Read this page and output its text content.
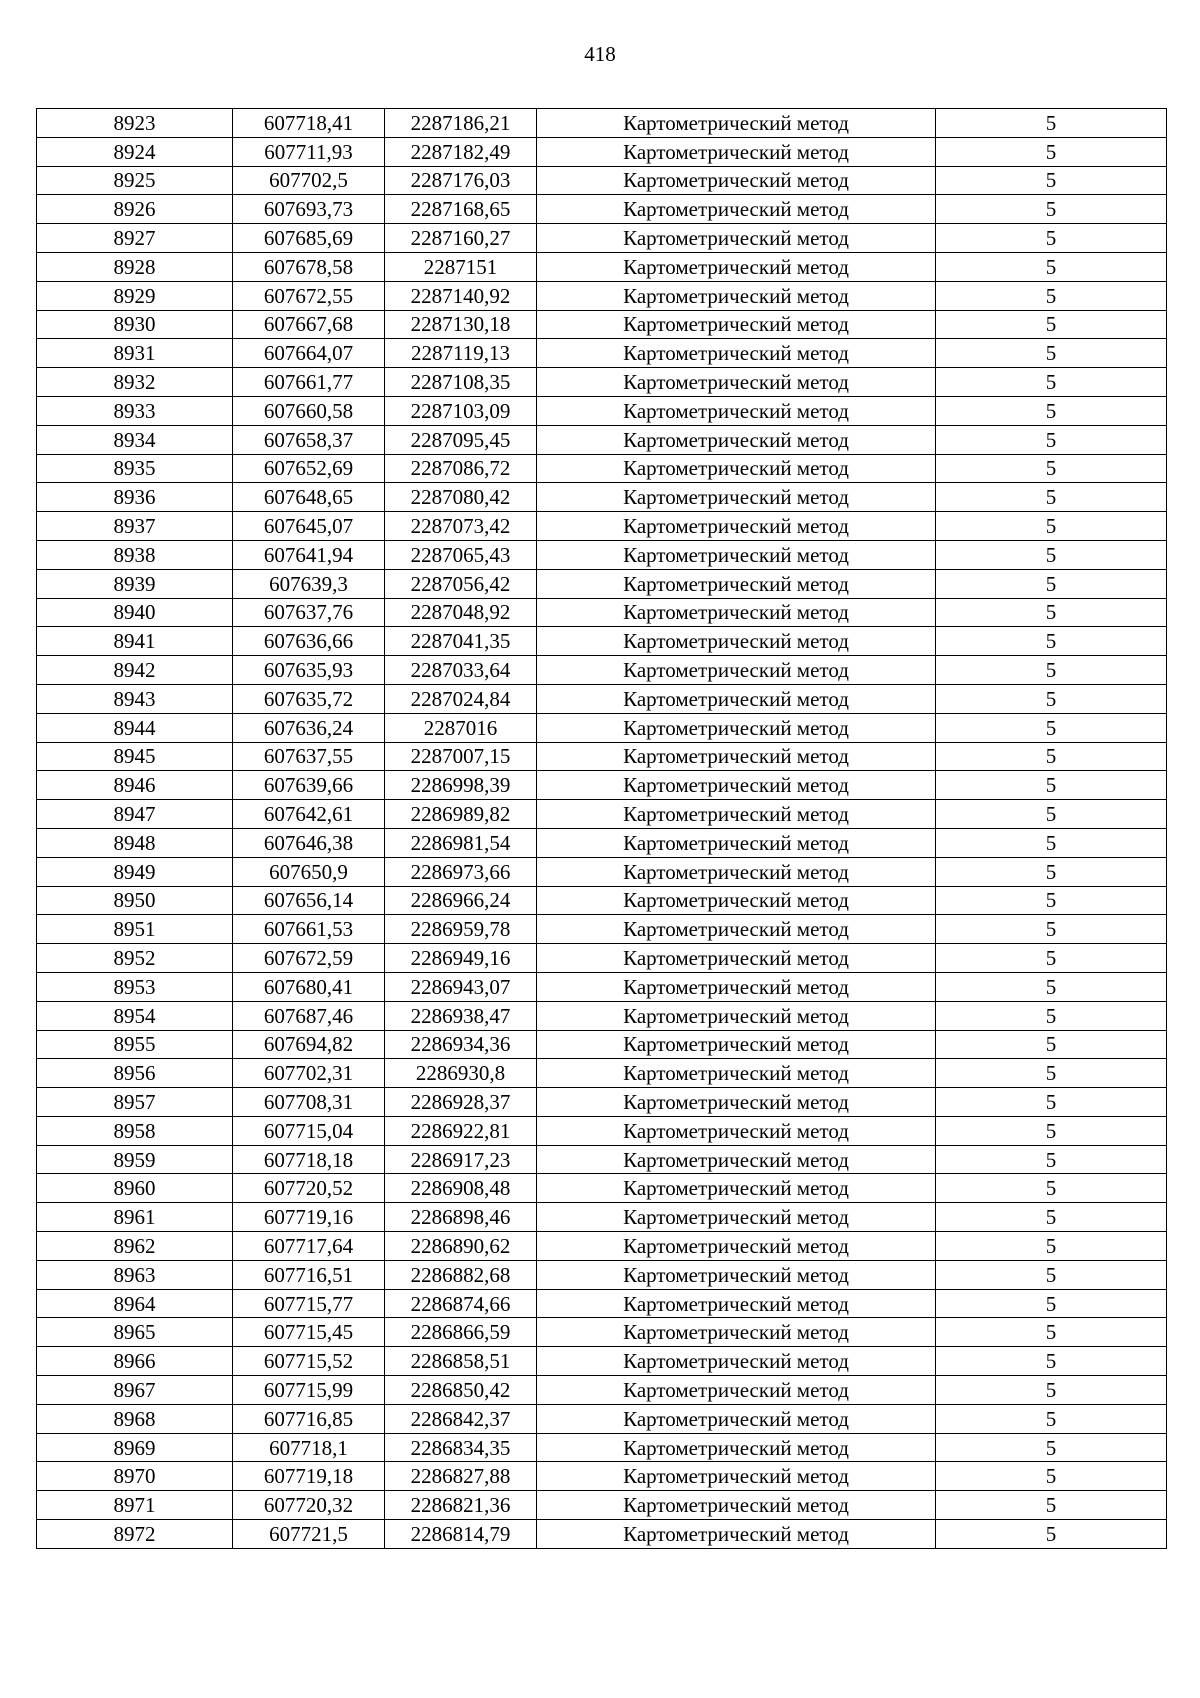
418
8923	607718,41	2287186,21	Картометрический метод	5
8924	607711,93	2287182,49	Картометрический метод	5
8925	607702,5	2287176,03	Картометрический метод	5
8926	607693,73	2287168,65	Картометрический метод	5
8927	607685,69	2287160,27	Картометрический метод	5
8928	607678,58	2287151	Картометрический метод	5
8929	607672,55	2287140,92	Картометрический метод	5
8930	607667,68	2287130,18	Картометрический метод	5
8931	607664,07	2287119,13	Картометрический метод	5
8932	607661,77	2287108,35	Картометрический метод	5
8933	607660,58	2287103,09	Картометрический метод	5
8934	607658,37	2287095,45	Картометрический метод	5
8935	607652,69	2287086,72	Картометрический метод	5
8936	607648,65	2287080,42	Картометрический метод	5
8937	607645,07	2287073,42	Картометрический метод	5
8938	607641,94	2287065,43	Картометрический метод	5
8939	607639,3	2287056,42	Картометрический метод	5
8940	607637,76	2287048,92	Картометрический метод	5
8941	607636,66	2287041,35	Картометрический метод	5
8942	607635,93	2287033,64	Картометрический метод	5
8943	607635,72	2287024,84	Картометрический метод	5
8944	607636,24	2287016	Картометрический метод	5
8945	607637,55	2287007,15	Картометрический метод	5
8946	607639,66	2286998,39	Картометрический метод	5
8947	607642,61	2286989,82	Картометрический метод	5
8948	607646,38	2286981,54	Картометрический метод	5
8949	607650,9	2286973,66	Картометрический метод	5
8950	607656,14	2286966,24	Картометрический метод	5
8951	607661,53	2286959,78	Картометрический метод	5
8952	607672,59	2286949,16	Картометрический метод	5
8953	607680,41	2286943,07	Картометрический метод	5
8954	607687,46	2286938,47	Картометрический метод	5
8955	607694,82	2286934,36	Картометрический метод	5
8956	607702,31	2286930,8	Картометрический метод	5
8957	607708,31	2286928,37	Картометрический метод	5
8958	607715,04	2286922,81	Картометрический метод	5
8959	607718,18	2286917,23	Картометрический метод	5
8960	607720,52	2286908,48	Картометрический метод	5
8961	607719,16	2286898,46	Картометрический метод	5
8962	607717,64	2286890,62	Картометрический метод	5
8963	607716,51	2286882,68	Картометрический метод	5
8964	607715,77	2286874,66	Картометрический метод	5
8965	607715,45	2286866,59	Картометрический метод	5
8966	607715,52	2286858,51	Картометрический метод	5
8967	607715,99	2286850,42	Картометрический метод	5
8968	607716,85	2286842,37	Картометрический метод	5
8969	607718,1	2286834,35	Картометрический метод	5
8970	607719,18	2286827,88	Картометрический метод	5
8971	607720,32	2286821,36	Картометрический метод	5
8972	607721,5	2286814,79	Картометрический метод	5
